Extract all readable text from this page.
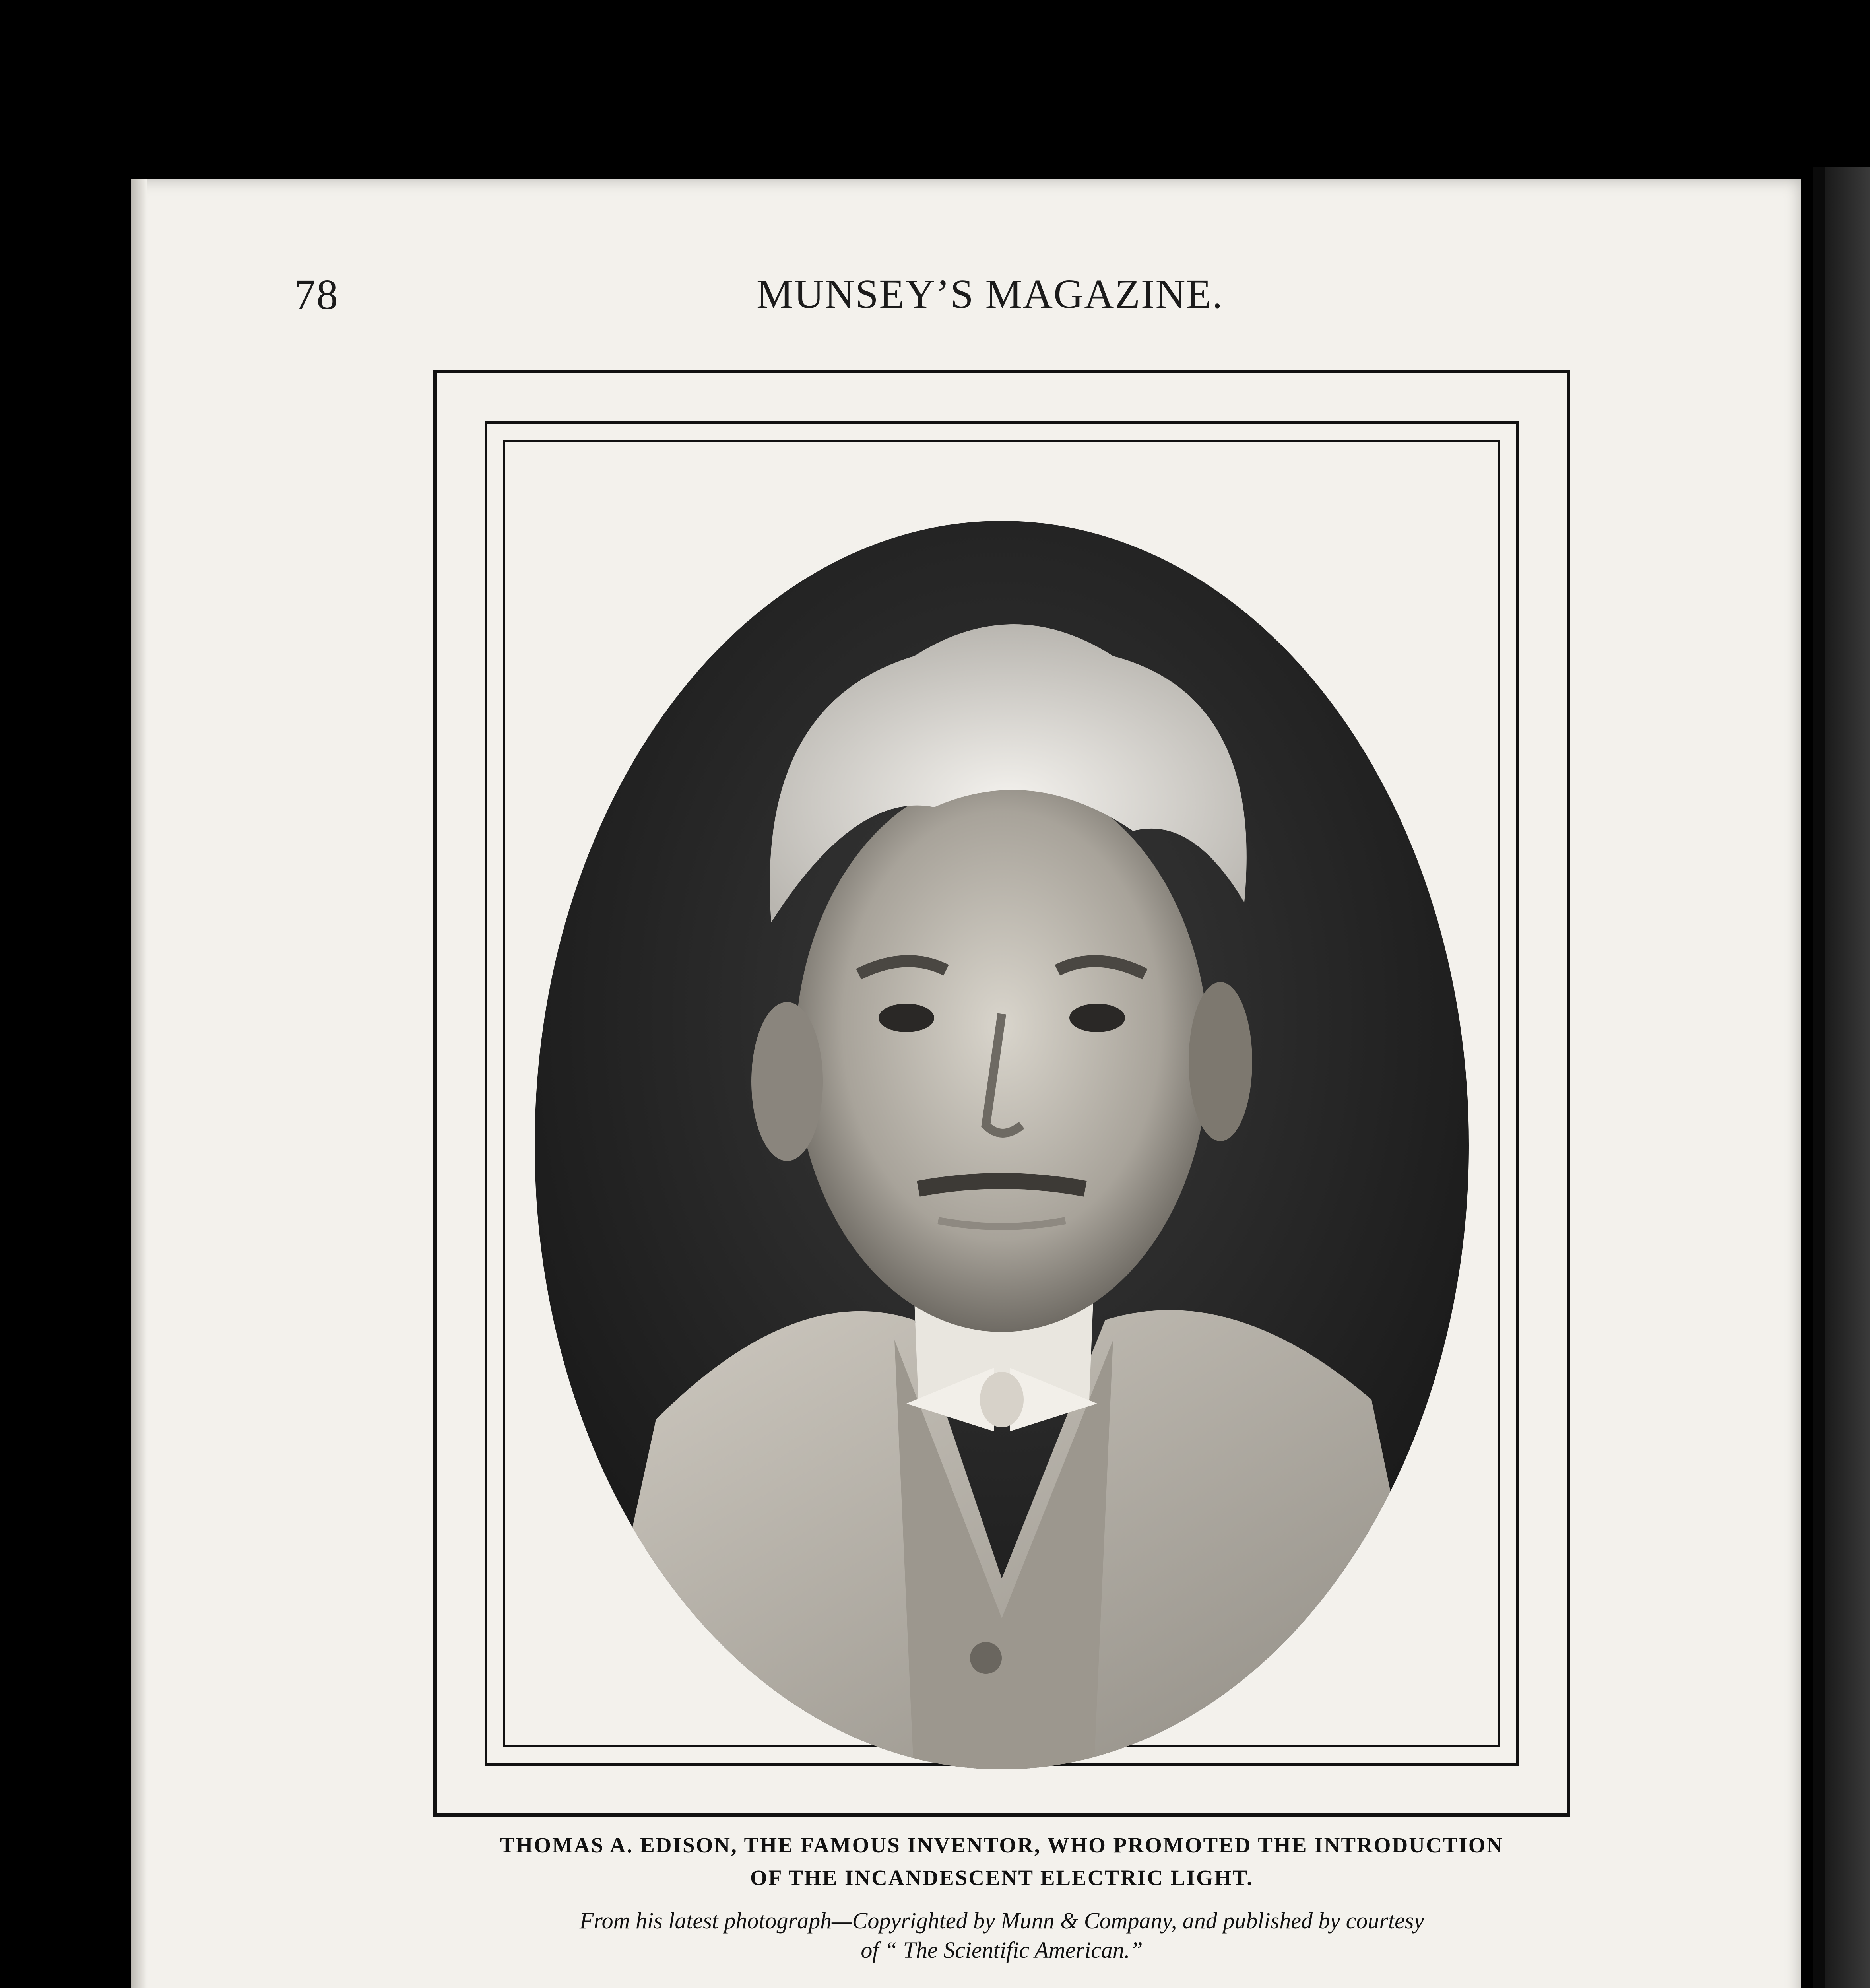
78	MUNSEY’S MAGAZINE.
THOMAS A. EDISON, THE FAMOUS INVENTOR, WHO PROMOTED THE INTRODUCTION
OF THE INCANDESCENT ELECTRIC LIGHT.
From his latest photograph—Copyrighted by Munn & Company, and published by courtesy
of “ The Scientific American.”
